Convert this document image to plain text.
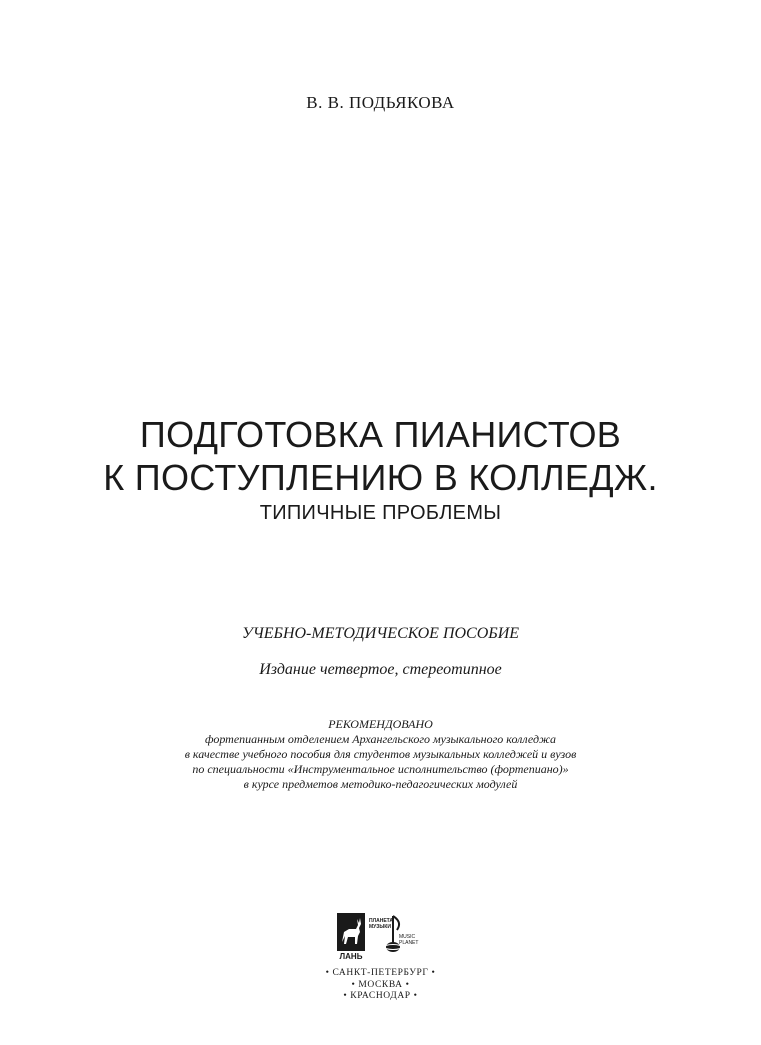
В. В. ПОДЬЯКОВА
ПОДГОТОВКА ПИАНИСТОВ
К ПОСТУПЛЕНИЮ В КОЛЛЕДЖ.
ТИПИЧНЫЕ ПРОБЛЕМЫ
УЧЕБНО-МЕТОДИЧЕСКОЕ ПОСОБИЕ
Издание четвертое, стереотипное
РЕКОМЕНДОВАНО
фортепианным отделением Архангельского музыкального колледжа
в качестве учебного пособия для студентов музыкальных колледжей и вузов
по специальности «Инструментальное исполнительство (фортепиано)»
в курсе предметов методико-педагогических модулей
ЛАНЬ
ПЛАНЕТА
МУЗЫКИ
MUSIC
PLANET
• САНКТ-ПЕТЕРБУРГ •
• МОСКВА •
• КРАСНОДАР •
